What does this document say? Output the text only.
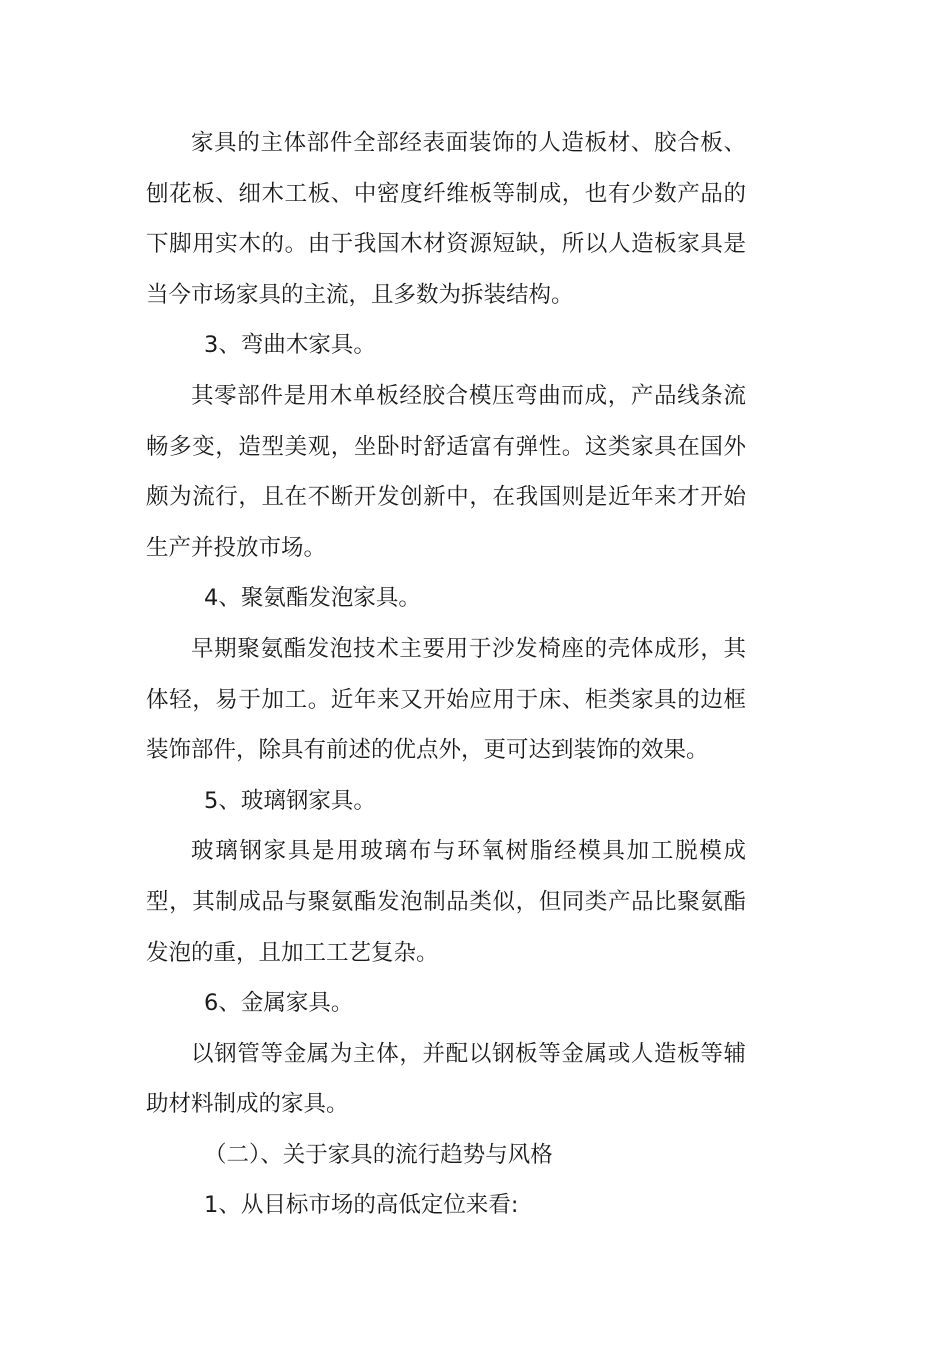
家具的主体部件全部经表面装饰的人造板材、胶合板、刨花板、细木工板、中密度纤维板等制成，也有少数产品的下脚用实木的。由于我国木材资源短缺，所以人造板家具是当今市场家具的主流，且多数为拆装结构。

3、弯曲木家具。

其零部件是用木单板经胶合模压弯曲而成，产品线条流畅多变，造型美观，坐卧时舒适富有弹性。这类家具在国外颇为流行，且在不断开发创新中，在我国则是近年来才开始生产并投放市场。

4、聚氨酯发泡家具。

早期聚氨酯发泡技术主要用于沙发椅座的壳体成形，其体轻，易于加工。近年来又开始应用于床、柜类家具的边框装饰部件，除具有前述的优点外，更可达到装饰的效果。

5、玻璃钢家具。

玻璃钢家具是用玻璃布与环氧树脂经模具加工脱模成型，其制成品与聚氨酯发泡制品类似，但同类产品比聚氨酯发泡的重，且加工工艺复杂。

6、金属家具。

以钢管等金属为主体，并配以钢板等金属或人造板等辅助材料制成的家具。

（二）、关于家具的流行趋势与风格

1、从目标市场的高低定位来看:
